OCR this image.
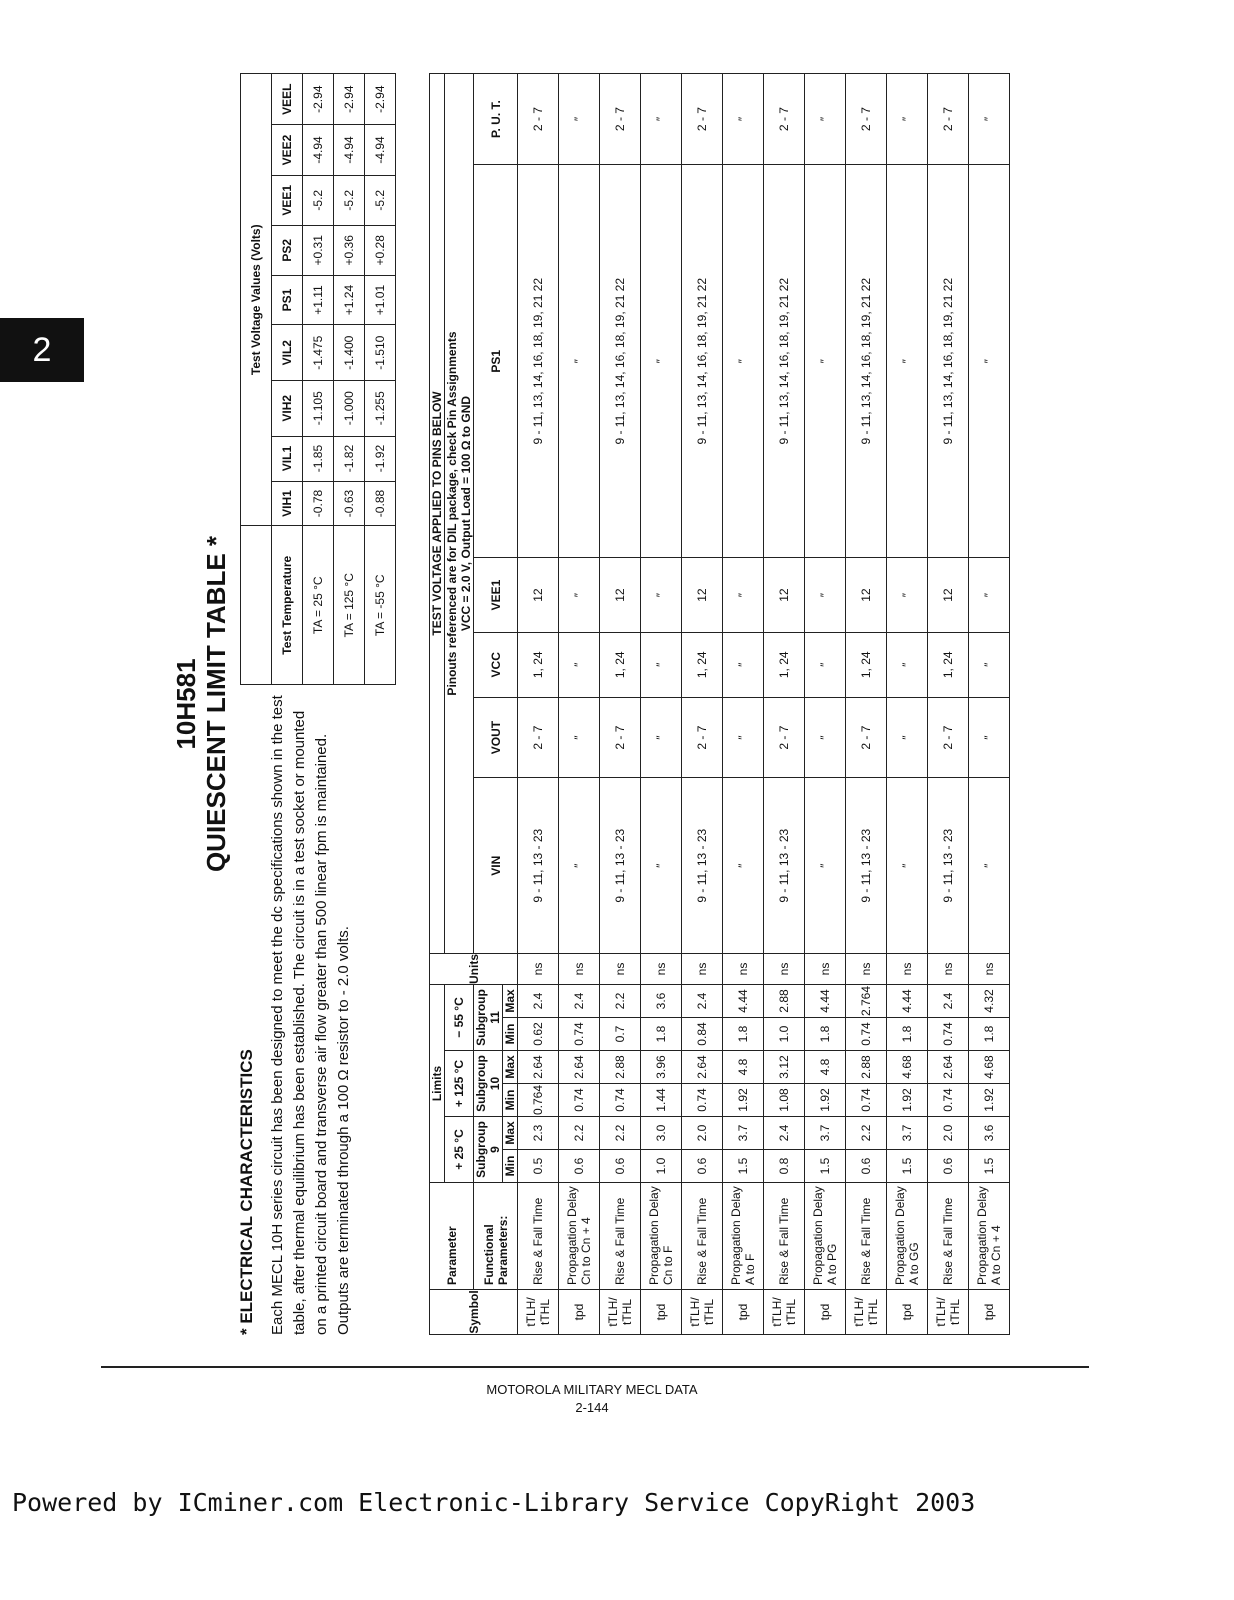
2
10H581 QUIESCENT LIMIT TABLE *
* ELECTRICAL CHARACTERISTICS Each MECL 10H series circuit has been designed to meet the dc specifications shown in the test table, after thermal equilibrium has been established. The circuit is in a test socket or mounted on a printed circuit board and transverse air flow greater than 500 linear fpm is maintained. Outputs are terminated through a 100 Ω resistor to - 2.0 volts.
	Test Voltage Values (Volts)								
Test Temperature	VIH1	VIL1	VIH2	VIL2	PS1	PS2	VEE1	VEE2	VEEL
TA = 25 °C	-0.78	-1.85	-1.105	-1.475	+1.11	+0.31	-5.2	-4.94	-2.94
TA = 125 °C	-0.63	-1.82	-1.000	-1.400	+1.24	+0.36	-5.2	-4.94	-2.94
TA = -55 °C	-0.88	-1.92	-1.255	-1.510	+1.01	+0.28	-5.2	-4.94	-2.94
Symbol	Parameter	Limits						Units	TEST VOLTAGE APPLIED TO PINS BELOW					
		+ 25 °C		+ 125 °C		− 55 °C			Pinouts referenced are for DIL package, check Pin Assignments
VCC = 2.0 V, Output Load = 100 Ω to GND					
	Functional Parameters:	Subgroup 9		Subgroup 10		Subgroup 11			VIN	VOUT	VCC	VEE1	PS1	P. U. T.
		Min	Max	Min	Max	Min	Max							
tTLH/ tTHL	Rise & Fall Time	0.5	2.3	0.764	2.64	0.62	2.4	ns	9 - 11, 13 - 23	2 - 7	1, 24	12	9 - 11, 13, 14, 16, 18, 19, 21 22	2 - 7
tpd	Propagation Delay Cn to Cn + 4	0.6	2.2	0.74	2.64	0.74	2.4	ns	″	″	″	″	″	″
tTLH/ tTHL	Rise & Fall Time	0.6	2.2	0.74	2.88	0.7	2.2	ns	9 - 11, 13 - 23	2 - 7	1, 24	12	9 - 11, 13, 14, 16, 18, 19, 21 22	2 - 7
tpd	Propagation Delay Cn to F	1.0	3.0	1.44	3.96	1.8	3.6	ns	″	″	″	″	″	″
tTLH/ tTHL	Rise & Fall Time	0.6	2.0	0.74	2.64	0.84	2.4	ns	9 - 11, 13 - 23	2 - 7	1, 24	12	9 - 11, 13, 14, 16, 18, 19, 21 22	2 - 7
tpd	Propagation Delay A to F	1.5	3.7	1.92	4.8	1.8	4.44	ns	″	″	″	″	″	″
tTLH/ tTHL	Rise & Fall Time	0.8	2.4	1.08	3.12	1.0	2.88	ns	9 - 11, 13 - 23	2 - 7	1, 24	12	9 - 11, 13, 14, 16, 18, 19, 21 22	2 - 7
tpd	Propagation Delay A to PG	1.5	3.7	1.92	4.8	1.8	4.44	ns	″	″	″	″	″	″
tTLH/ tTHL	Rise & Fall Time	0.6	2.2	0.74	2.88	0.74	2.764	ns	9 - 11, 13 - 23	2 - 7	1, 24	12	9 - 11, 13, 14, 16, 18, 19, 21 22	2 - 7
tpd	Propagation Delay A to GG	1.5	3.7	1.92	4.68	1.8	4.44	ns	″	″	″	″	″	″
tTLH/ tTHL	Rise & Fall Time	0.6	2.0	0.74	2.64	0.74	2.4	ns	9 - 11, 13 - 23	2 - 7	1, 24	12	9 - 11, 13, 14, 16, 18, 19, 21 22	2 - 7
tpd	Propagation Delay A to Cn + 4	1.5	3.6	1.92	4.68	1.8	4.32	ns	″	″	″	″	″	″
MOTOROLA MILITARY MECL DATA
2-144
Powered by ICminer.com Electronic-Library Service CopyRight 2003
